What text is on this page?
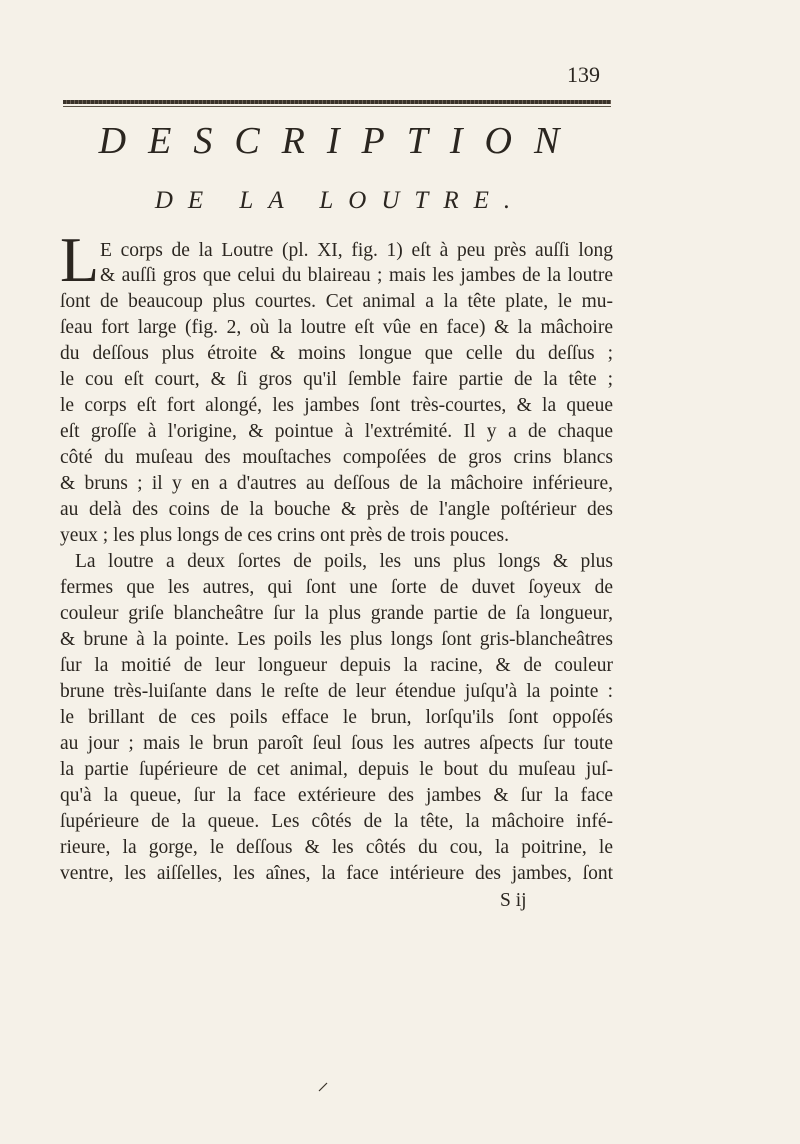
139
DESCRIPTION
DE LA LOUTRE.
L E corps de la Loutre (pl. XI, fig. 1) eſt à peu près auſſi long
& auſſi gros que celui du blaireau ; mais les jambes de la loutre
ſont de beaucoup plus courtes. Cet animal a la tête plate, le mu-
ſeau fort large (fig. 2, où la loutre eſt vûe en face) & la mâchoire
du deſſous plus étroite & moins longue que celle du deſſus ;
le cou eſt court, & ſi gros qu'il ſemble faire partie de la tête ;
le corps eſt fort alongé, les jambes ſont très-courtes, & la queue
eſt groſſe à l'origine, & pointue à l'extrémité. Il y a de chaque
côté du muſeau des mouſtaches compoſées de gros crins blancs
& bruns ; il y en a d'autres au deſſous de la mâchoire inférieure,
au delà des coins de la bouche & près de l'angle poſtérieur des
yeux ; les plus longs de ces crins ont près de trois pouces.
La loutre a deux ſortes de poils, les uns plus longs & plus
fermes que les autres, qui ſont une ſorte de duvet ſoyeux de
couleur griſe blancheâtre ſur la plus grande partie de ſa longueur,
& brune à la pointe. Les poils les plus longs ſont gris-blancheâtres
ſur la moitié de leur longueur depuis la racine, & de couleur
brune très-luiſante dans le reſte de leur étendue juſqu'à la pointe :
le brillant de ces poils efface le brun, lorſqu'ils ſont oppoſés
au jour ; mais le brun paroît ſeul ſous les autres aſpects ſur toute
la partie ſupérieure de cet animal, depuis le bout du muſeau juſ-
qu'à la queue, ſur la face extérieure des jambes & ſur la face
ſupérieure de la queue. Les côtés de la tête, la mâchoire infé-
rieure, la gorge, le deſſous & les côtés du cou, la poitrine, le
ventre, les aiſſelles, les aînes, la face intérieure des jambes, ſont
S ij
